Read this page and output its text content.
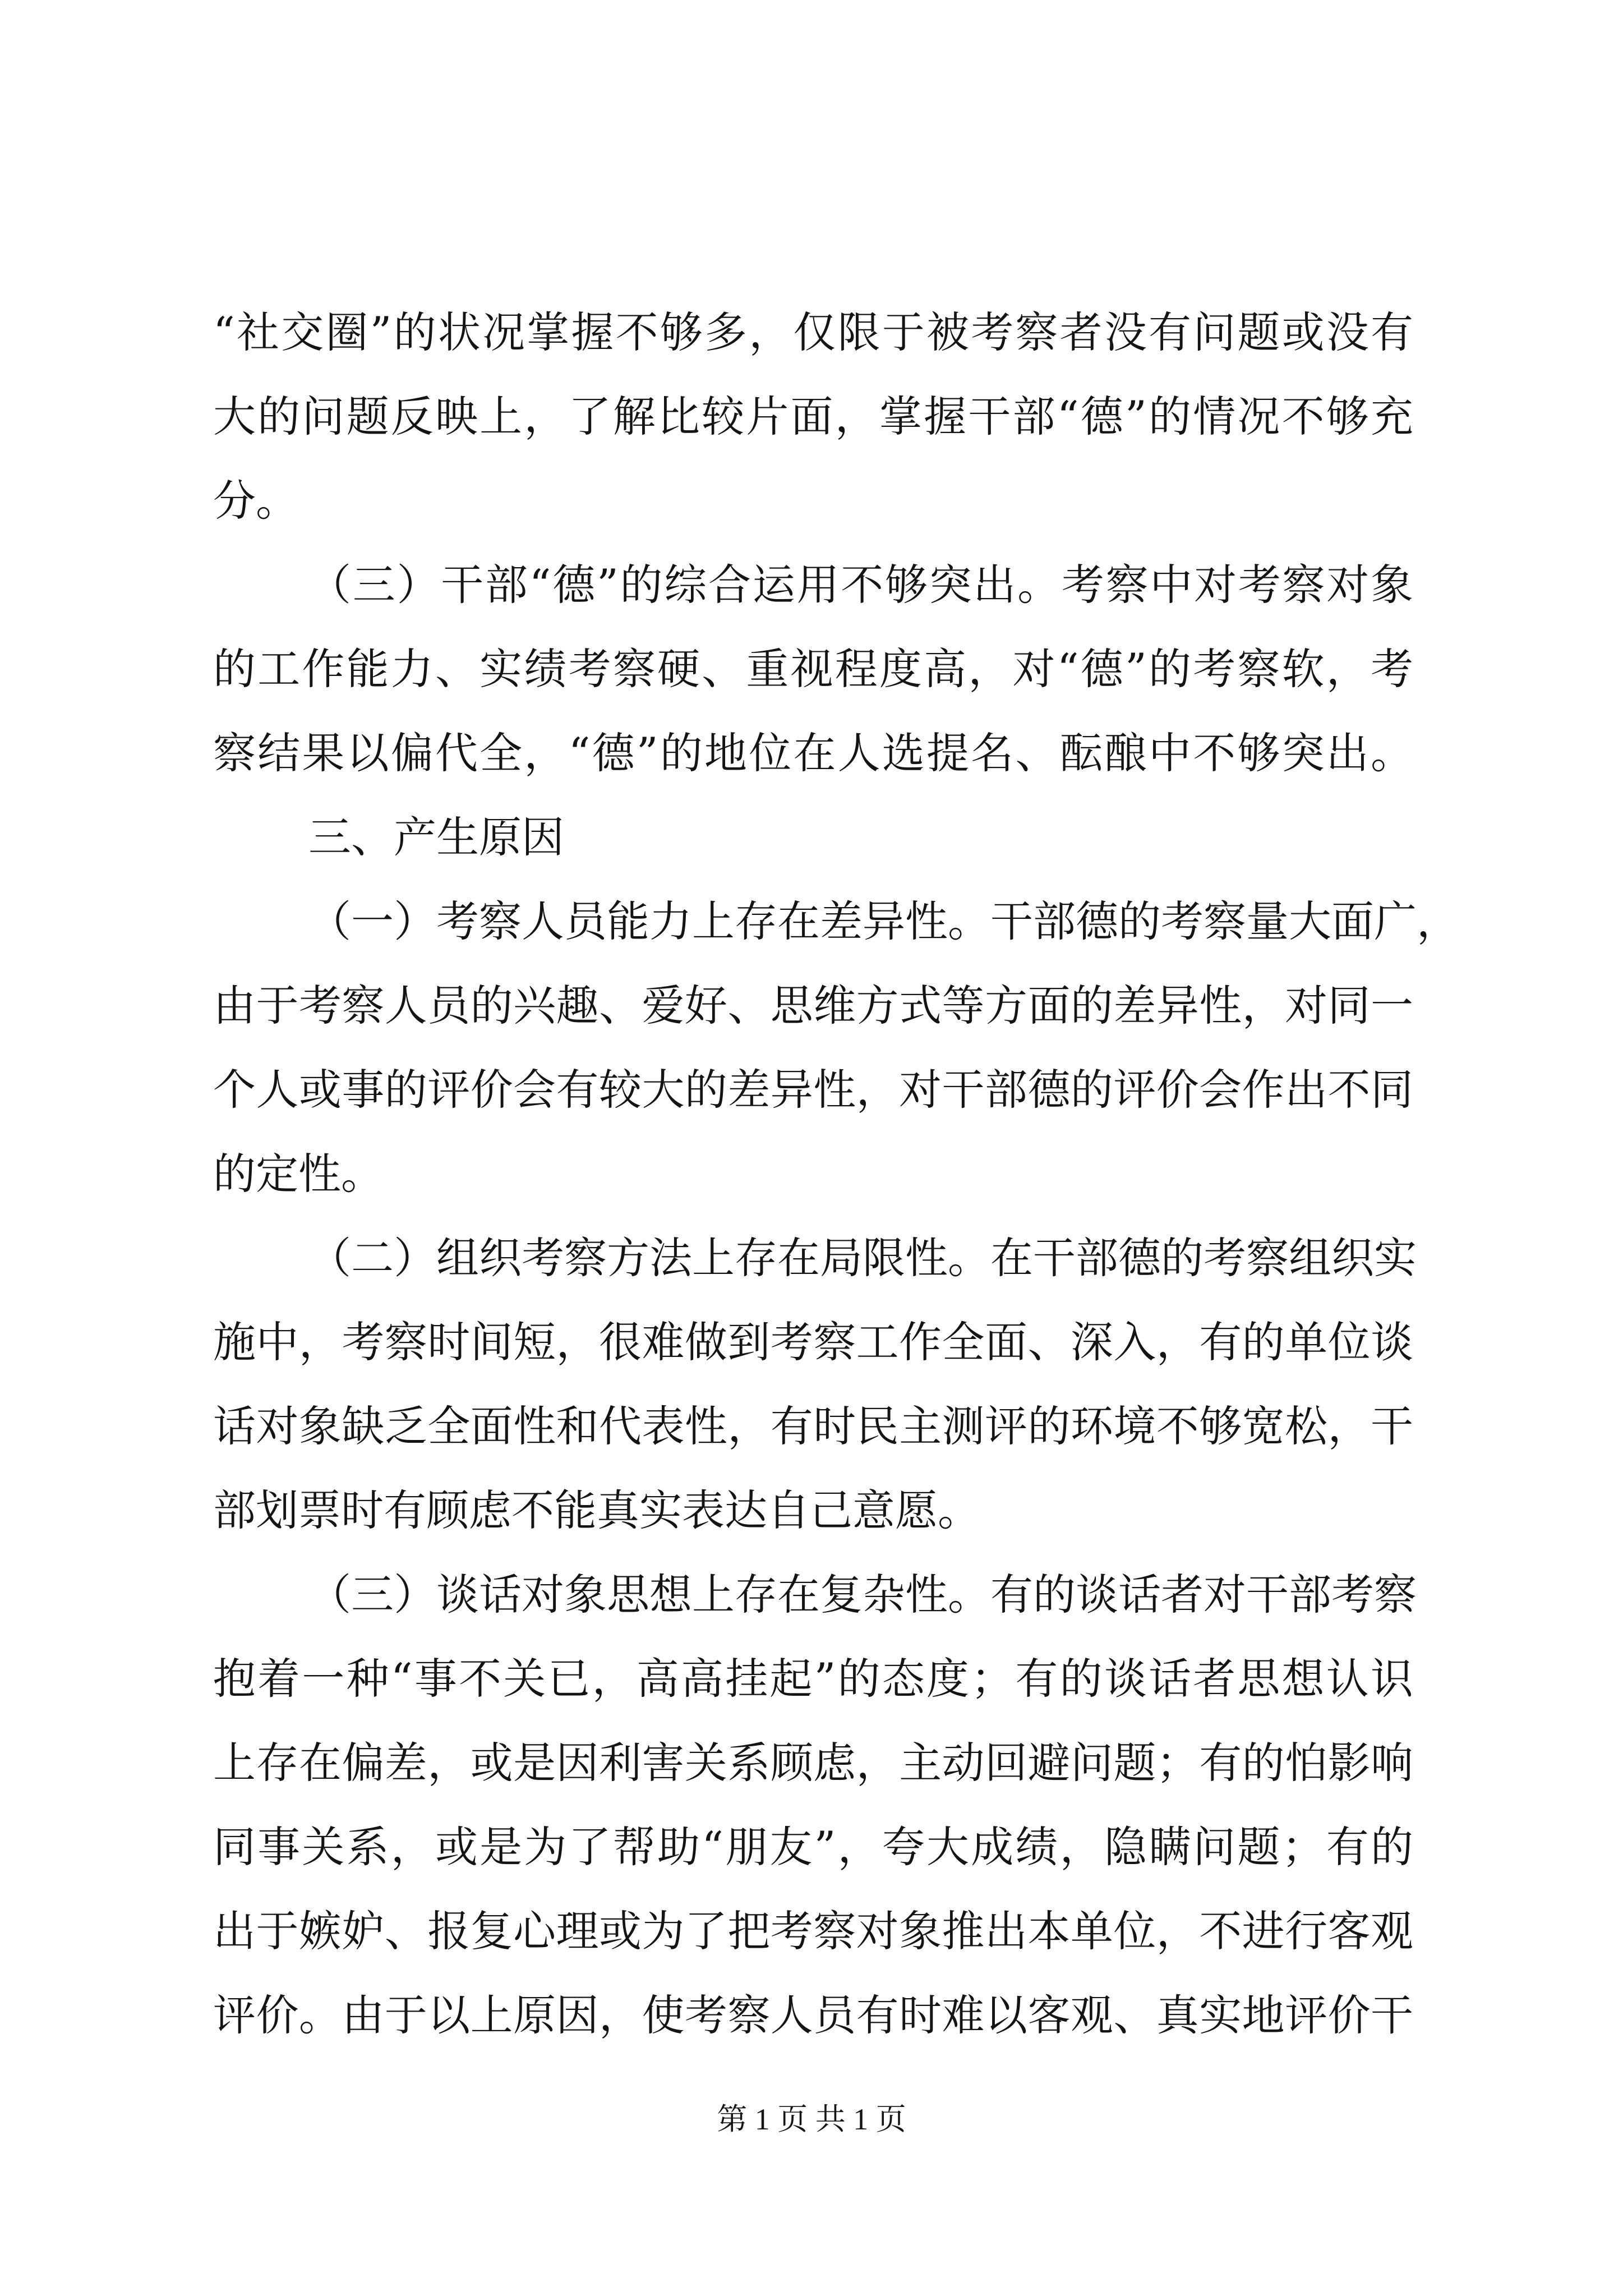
“社交圈”的状况掌握不够多，仅限于被考察者没有问题或没有
大的问题反映上，了解比较片面，掌握干部“德”的情况不够充
分。
（三）干部“德”的综合运用不够突出。考察中对考察对象
的工作能力、实绩考察硬、重视程度高，对“德”的考察软，考
察结果以偏代全，“德”的地位在人选提名、酝酿中不够突出。
三、产生原因
（一）考察人员能力上存在差异性。干部德的考察量大面广，
由于考察人员的兴趣、爱好、思维方式等方面的差异性，对同一
个人或事的评价会有较大的差异性，对干部德的评价会作出不同
的定性。
（二）组织考察方法上存在局限性。在干部德的考察组织实
施中，考察时间短，很难做到考察工作全面、深入，有的单位谈
话对象缺乏全面性和代表性，有时民主测评的环境不够宽松，干
部划票时有顾虑不能真实表达自己意愿。
（三）谈话对象思想上存在复杂性。有的谈话者对干部考察
抱着一种“事不关已，高高挂起”的态度；有的谈话者思想认识
上存在偏差，或是因利害关系顾虑，主动回避问题；有的怕影响
同事关系，或是为了帮助“朋友”，夸大成绩，隐瞒问题；有的
出于嫉妒、报复心理或为了把考察对象推出本单位，不进行客观
评价。由于以上原因，使考察人员有时难以客观、真实地评价干
第 1 页 共 1 页
